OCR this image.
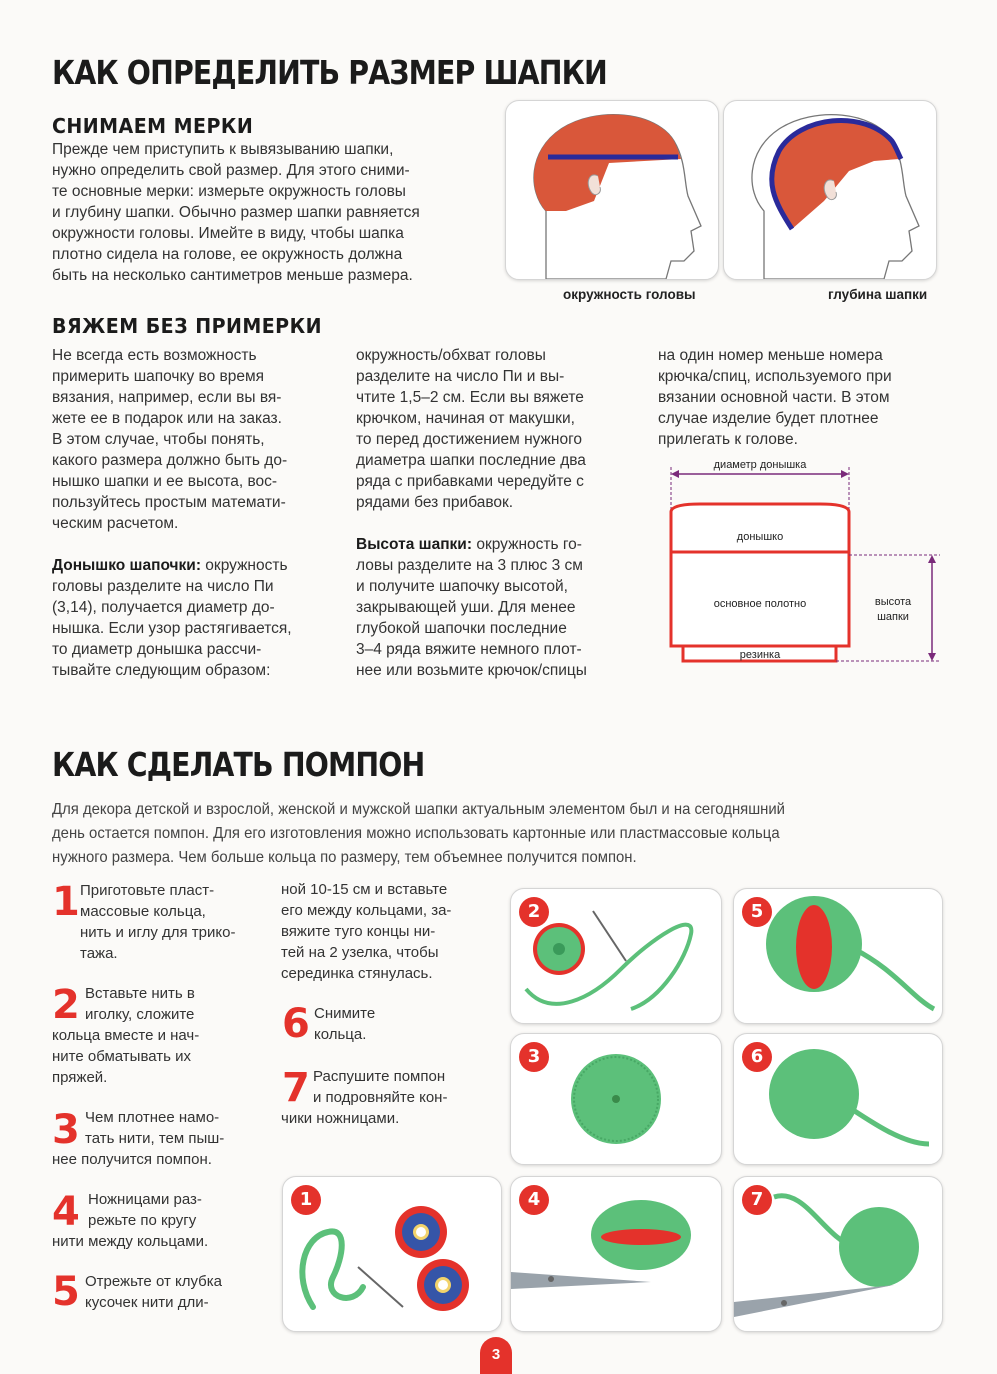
КАК ОПРЕДЕЛИТЬ РАЗМЕР ШАПКИ
СНИМАЕМ МЕРКИ
Прежде чем приступить к вывязыванию шапки,
нужно определить свой размер. Для этого сними-
те основные мерки: измерьте окружность головы
и глубину шапки. Обычно размер шапки равняется
окружности головы. Имейте в виду, чтобы шапка
плотно сидела на голове, ее окружность должна
быть на несколько сантиметров меньше размера.
окружность головы	глубина шапки
ВЯЖЕМ БЕЗ ПРИМЕРКИ
Не всегда есть возможность
примерить шапочку во время
вязания, например, если вы вя-
жете ее в подарок или на заказ.
В этом случае, чтобы понять,
какого размера должно быть до-
нышко шапки и ее высота, вос-
пользуйтесь простым математи-
ческим расчетом.
Донышко шапочки: окружность
головы разделите на число Пи
(3,14), получается диаметр до-
нышка. Если узор растягивается,
то диаметр донышка рассчи-
тывайте следующим образом:
окружность/обхват головы
разделите на число Пи и вы-
чтите 1,5–2 см. Если вы вяжете
крючком, начиная от макушки,
то перед достижением нужного
диаметра шапки последние два
ряда с прибавками чередуйте с
рядами без прибавок.
Высота шапки: окружность го-
ловы разделите на 3 плюс 3 см
и получите шапочку высотой,
закрывающей уши. Для менее
глубокой шапочки последние
3–4 ряда вяжите немного плот-
нее или возьмите крючок/спицы
на один номер меньше номера
крючка/спиц, используемого при
вязании основной части. В этом
случае изделие будет плотнее
прилегать к голове.
диаметр донышка
донышко
основное полотно
резинка
высота
шапки
КАК СДЕЛАТЬ ПОМПОН
Для декора детской и взрослой, женской и мужской шапки актуальным элементом был и на сегодняшний
день остается помпон. Для его изготовления можно использовать картонные или пластмассовые кольца
нужного размера. Чем больше кольца по размеру, тем объемнее получится помпон.
1 Приготовьте пласт-
массовые кольца,
нить и иглу для трико-
тажа.
2 Вставьте нить в
иголку, сложите
кольца вместе и нач-
ните обматывать их
пряжей.
3 Чем плотнее намо-
тать нити, тем пыш-
нее получится помпон.
4 Ножницами раз-
режьте по кругу
нити между кольцами.
5 Отрежьте от клубка
кусочек нити дли-
ной 10-15 см и вставьте
его между кольцами, за-
вяжите туго концы ни-
тей на 2 узелка, чтобы
серединка стянулась.
6 Снимите
кольца.
7 Распушите помпон
и подровняйте кон-
чики ножницами.
1
2
3
4
5
6
7
3
